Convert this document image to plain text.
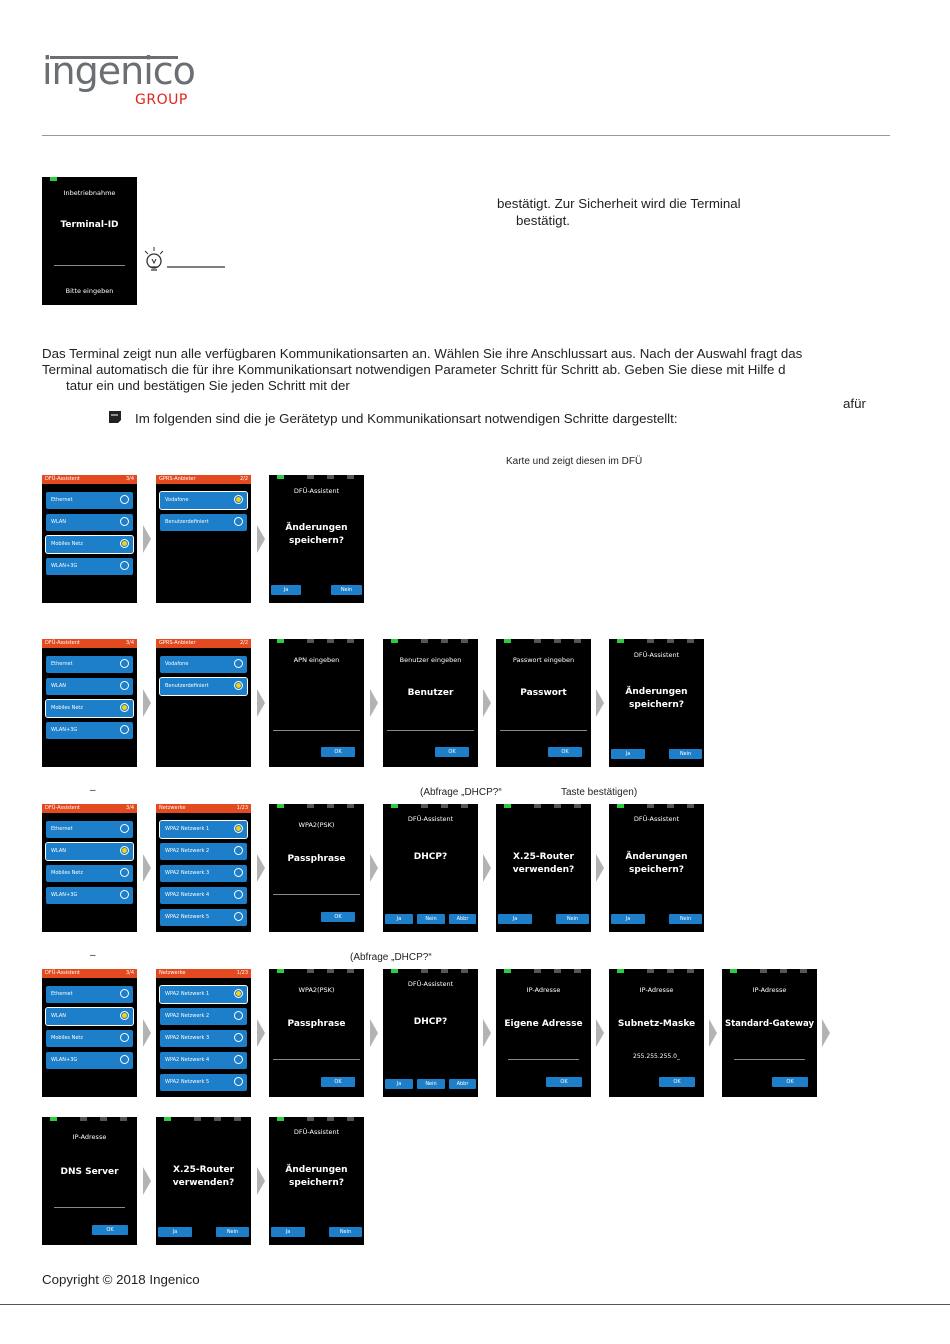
ingenico
GROUP
Inbetriebnahme
Terminal-ID
Bitte eingeben
bestätigt. Zur Sicherheit wird die Terminal
bestätigt.
Das Terminal zeigt nun alle verfügbaren Kommunikationsarten an. Wählen Sie ihre Anschlussart aus. Nach der Auswahl fragt das
Terminal automatisch die für ihre Kommunikationsart notwendigen Parameter Schritt für Schritt ab. Geben Sie diese mit Hilfe d
tatur ein und bestätigen Sie jeden Schritt mit der
afür
Im folgenden sind die je Gerätetyp und Kommunikationsart notwendigen Schritte dargestellt:
Karte und zeigt diesen im DFÜ
DFÜ-Assistent	3/4
Ethernet
WLAN
Mobiles Netz
WLAN+3G
GPRS-Anbieter	2/2
Vodafone
Benutzerdefiniert
DFÜ-Assistent
Änderungen
speichern?
Ja	Nein
DFÜ-Assistent	3/4
Ethernet
WLAN
Mobiles Netz
WLAN+3G
GPRS-Anbieter	2/2
Vodafone
Benutzerdefiniert
APN eingeben
OK
Benutzer eingeben
Benutzer
OK
Passwort eingeben
Passwort
OK
DFÜ-Assistent
Änderungen
speichern?
Ja	Nein
–	(Abfrage „DHCP?“	Taste bestätigen)
DFÜ-Assistent	3/4
Ethernet
WLAN
Mobiles Netz
WLAN+3G
Netzwerke	1/23
WPA2 Netzwerk 1
WPA2 Netzwerk 2
WPA2 Netzwerk 3
WPA2 Netzwerk 4
WPA2 Netzwerk 5
WPA2(PSK)
Passphrase
OK
DFÜ-Assistent
DHCP?
Ja	Nein	Abbr
X.25-Router
verwenden?
Ja	Nein
DFÜ-Assistent
Änderungen
speichern?
Ja	Nein
–	(Abfrage „DHCP?“
DFÜ-Assistent	3/4
Ethernet
WLAN
Mobiles Netz
WLAN+3G
Netzwerke	1/23
WPA2 Netzwerk 1
WPA2 Netzwerk 2
WPA2 Netzwerk 3
WPA2 Netzwerk 4
WPA2 Netzwerk 5
WPA2(PSK)
Passphrase
OK
DFÜ-Assistent
DHCP?
Ja	Nein	Abbr
IP-Adresse
Eigene Adresse
OK
IP-Adresse
Subnetz-Maske
255.255.255.0_
OK
IP-Adresse
Standard-Gateway
OK
IP-Adresse
DNS Server
OK
X.25-Router
verwenden?
Ja	Nein
DFÜ-Assistent
Änderungen
speichern?
Ja	Nein
Copyright © 2018 Ingenico
